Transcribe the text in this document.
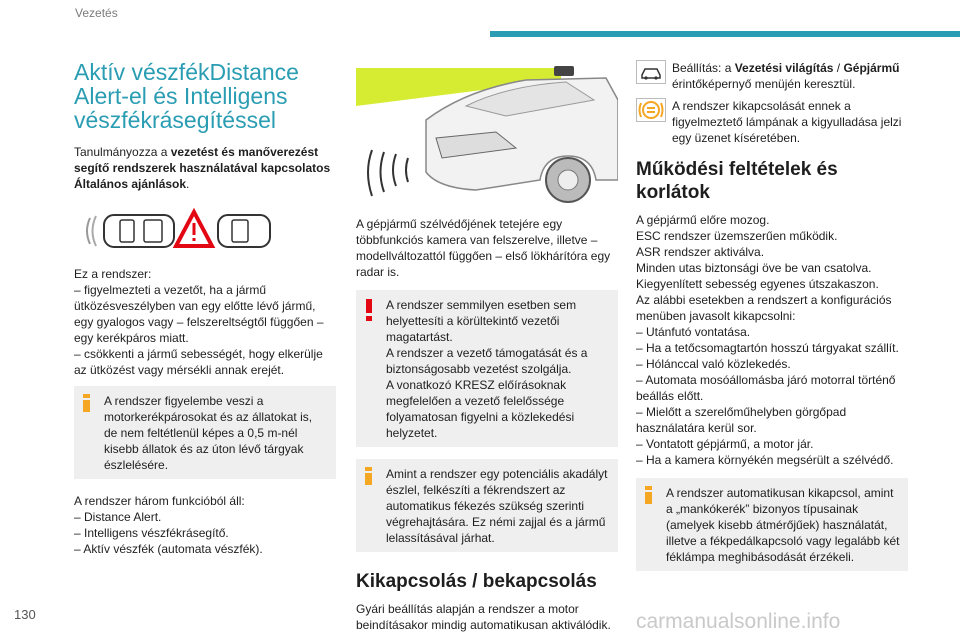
Vezetés
Aktív vészfékDistance Alert-el és Intelligens vészfékrásegítéssel

Tanulmányozza a vezetést és manőverezést segítő rendszerek használatával kapcsolatos Általános ajánlások.

Ez a rendszer:
– figyelmezteti a vezetőt, ha a jármű ütközésveszélyben van egy előtte lévő jármű, egy gyalogos vagy – felszereltségtől függően – egy kerékpáros miatt.
– csökkenti a jármű sebességét, hogy elkerülje az ütközést vagy mérsékli annak erejét.
A rendszer figyelembe veszi a motorkerékpárosokat és az állatokat is, de nem feltétlenül képes a 0,5 m-nél kisebb állatok és az úton lévő tárgyak észlelésére.
A rendszer három funkcióból áll:
– Distance Alert.
– Intelligens vészfékrásegítő.
– Aktív vészfék (automata vészfék).

A gépjármű szélvédőjének tetejére egy többfunkciós kamera van felszerelve, illetve – modellváltozattól függően – első lökhárítóra egy radar is.

A rendszer semmilyen esetben sem helyettesíti a körültekintő vezetői magatartást.
A rendszer a vezető támogatását és a biztonságosabb vezetést szolgálja.
A vonatkozó KRESZ előírásoknak megfelelően a vezető felelőssége folyamatosan figyelni a közlekedési helyzetet.
Amint a rendszer egy potenciális akadályt észlel, felkészíti a fékrendszert az automatikus fékezés szükség szerinti végrehajtására. Ez némi zajjal és a jármű lelassításával járhat.
Kikapcsolás / bekapcsolás

Gyári beállítás alapján a rendszer a motor beindításakor mindig automatikusan aktiválódik.

Beállítás: a Vezetési világítás / Gépjármű érintőképernyő menüjén keresztül.
A rendszer kikapcsolását ennek a figyelmeztető lámpának a kigyulladása jelzi egy üzenet kíséretében.
Működési feltételek és korlátok
A gépjármű előre mozog.
ESC rendszer üzemszerűen működik.
ASR rendszer aktiválva.
Minden utas biztonsági öve be van csatolva.
Kiegyenlített sebesség egyenes útszakaszon.
Az alábbi esetekben a rendszert a konfigurációs menüben javasolt kikapcsolni:
– Utánfutó vontatása.
– Ha a tetőcsomagtartón hosszú tárgyakat szállít.
– Hólánccal való közlekedés.
– Automata mosóállomásba járó motorral történő beállás előtt.
– Mielőtt a szerelőműhelyben görgőpad használatára kerül sor.
– Vontatott gépjármű, a motor jár.
– Ha a kamera környékén megsérült a szélvédő.
A rendszer automatikusan kikapcsol, amint a „mankókerék” bizonyos típusainak (amelyek kisebb átmérőjűek) használatát, illetve a fékpedálkapcsoló vagy legalább két féklámpa meghibásodását érzékeli.
130	carmanualsonline.info
